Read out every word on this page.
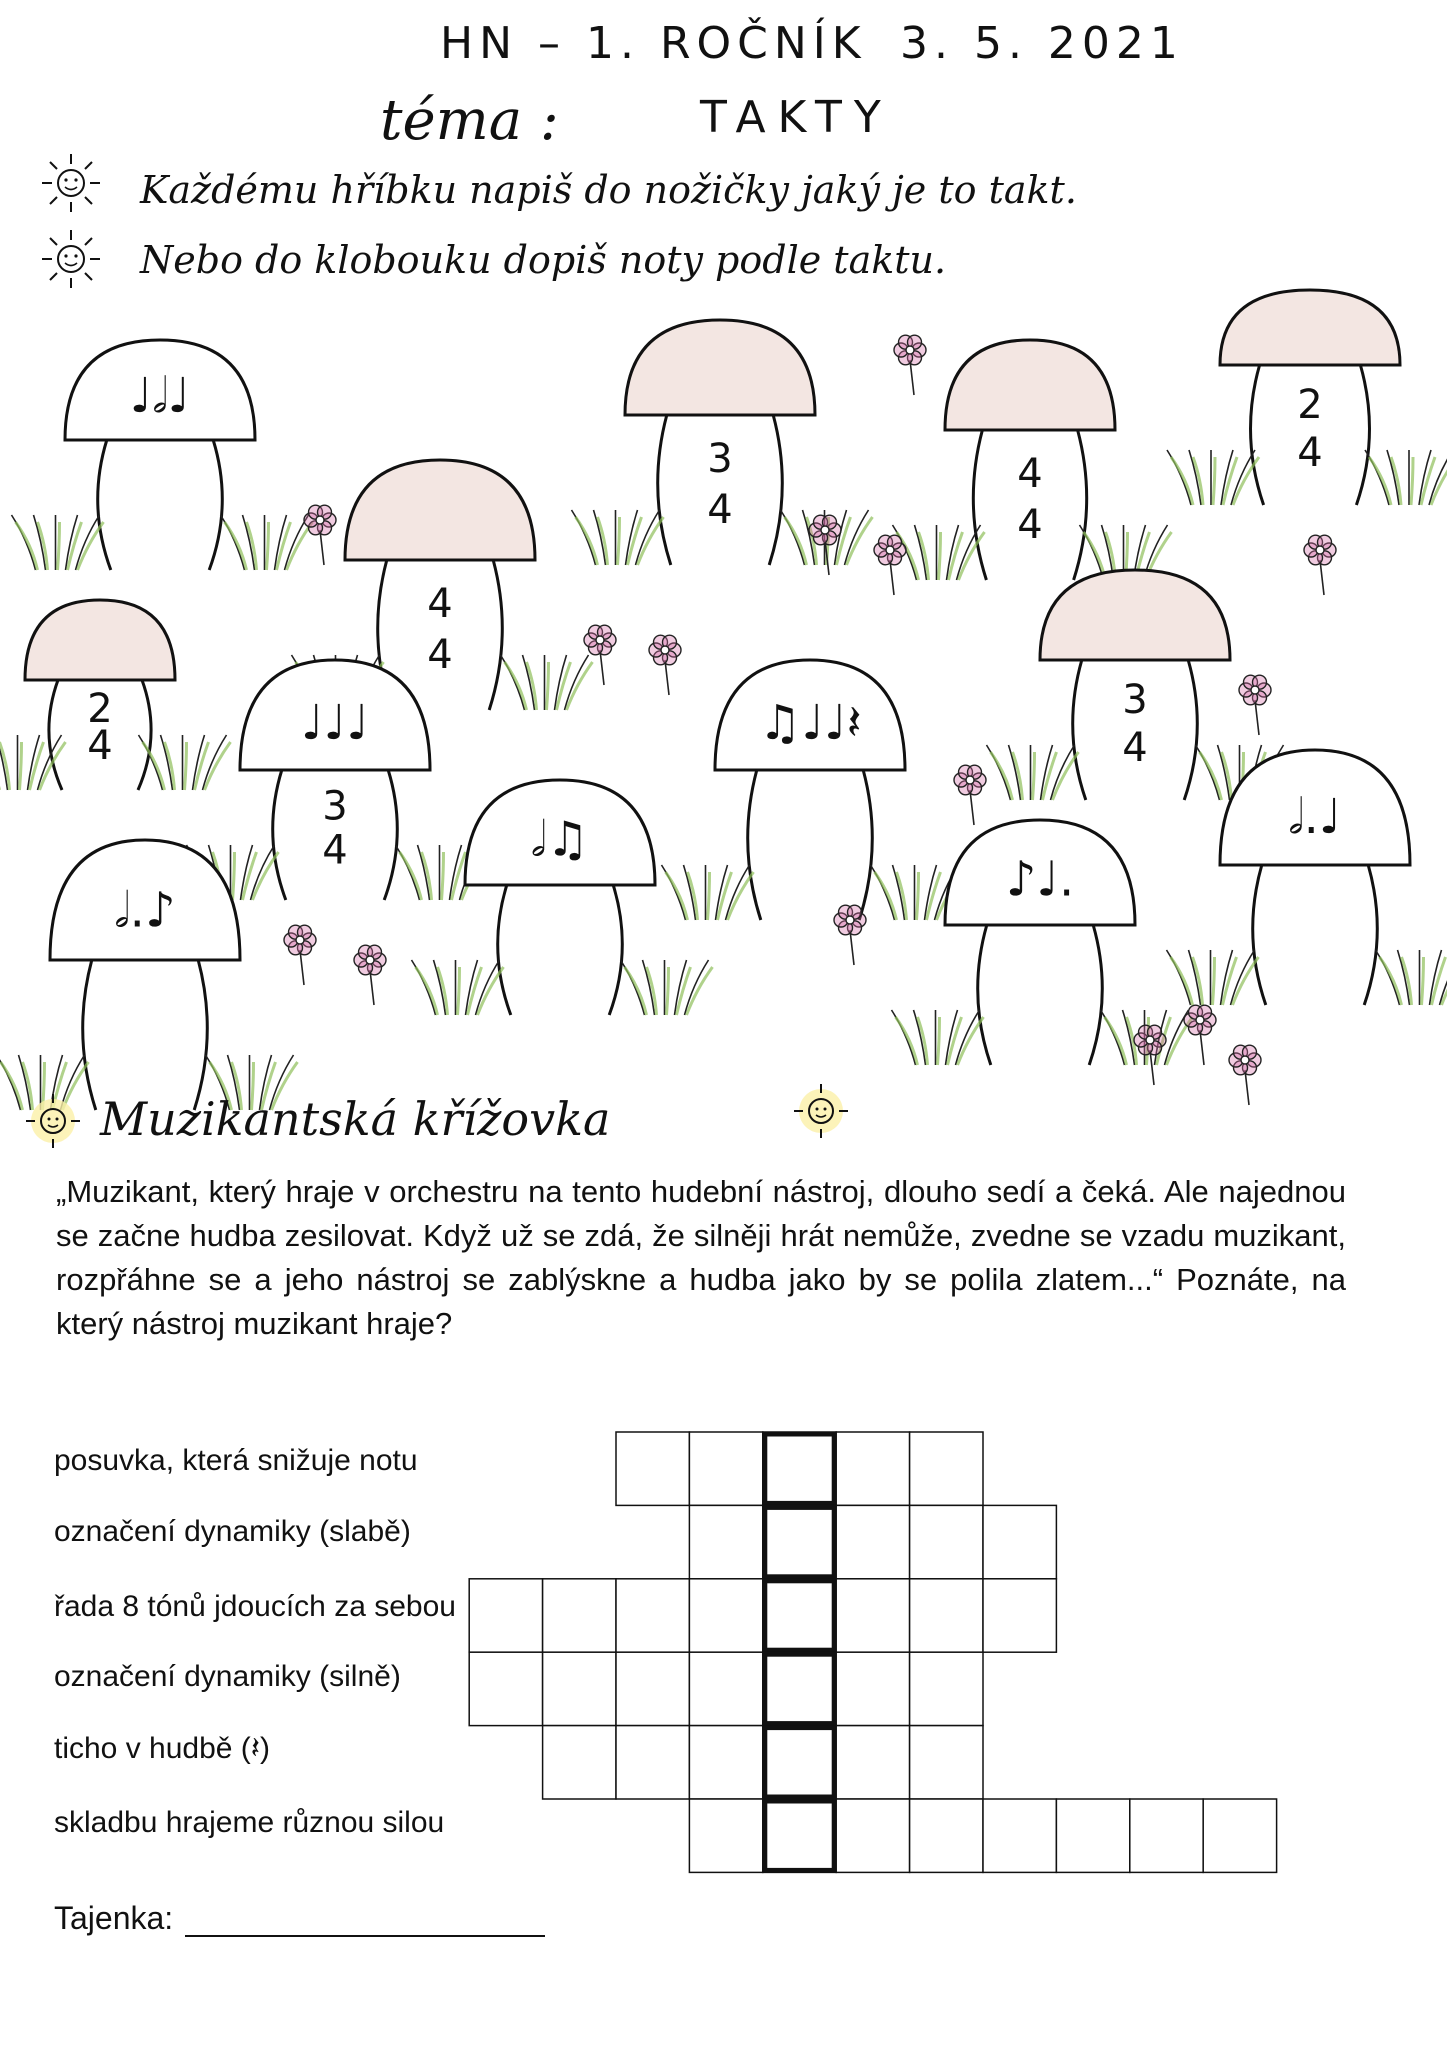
HN – 1. ROČNÍK 3. 5. 2021
téma :	TAKTY
Každému hříbku napiš do nožičky jaký je to takt.
Nebo do klobouku dopiš noty podle taktu.
♩𝅗𝅥♩
4
4
3
4
4
4
2
4
2
4	♩♩♩
3
4	𝅗𝅥♫
♫♩♩𝄽	3
4
𝅗𝅥.♪
♪♩.
𝅗𝅥.♩
Muzikantská křížovka
„Muzikant, který hraje v orchestru na tento hudební nástroj, dlouho sedí a čeká. Ale najednou se začne hudba zesilovat. Když už se zdá, že silněji hrát nemůže, zvedne se vzadu muzikant, rozpřáhne se a jeho nástroj se zablýskne a hudba jako by se polila zlatem...“ Poznáte, na který nástroj muzikant hraje?
posuvka, která snižuje notu
označení dynamiky (slabě)
řada 8 tónů jdoucích za sebou
označení dynamiky (silně)
ticho v hudbě (𝄽)
skladbu hrajeme různou silou
Tajenka:
